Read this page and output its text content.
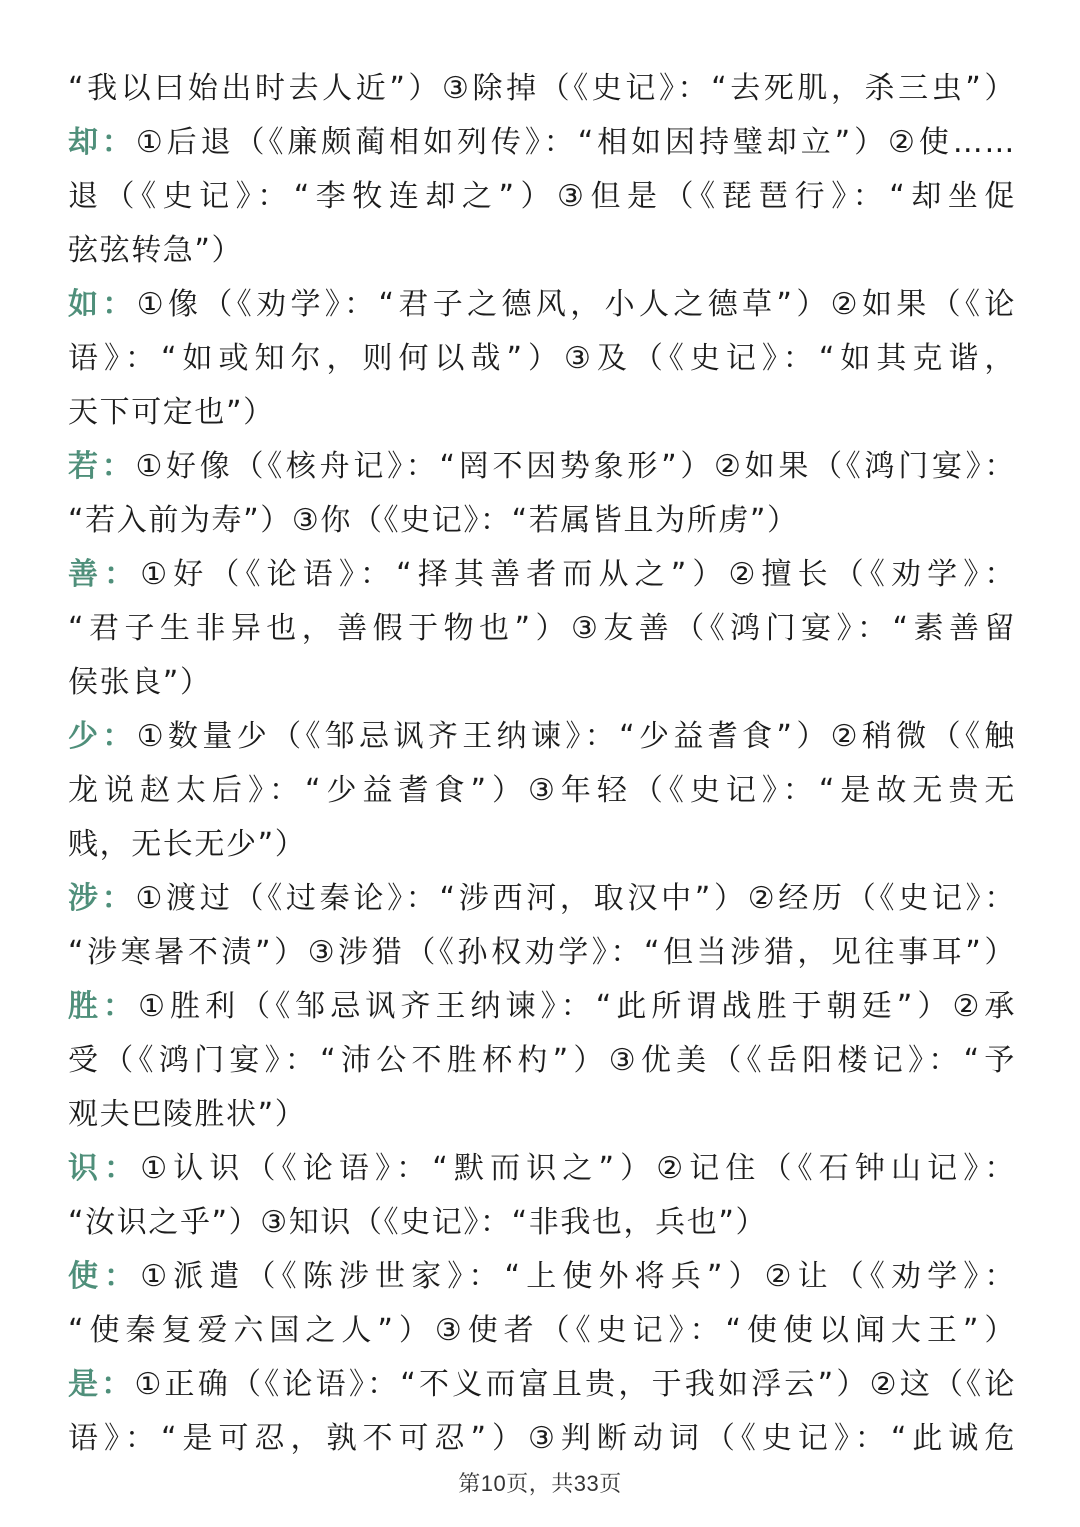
“我以曰始出时去人近”）③除掉（《史记》：“去死肌，杀三虫”）
却：①后退（《廉颇蔺相如列传》：“相如因持璧却立”）②使……
退（《史记》：“李牧连却之”）③但是（《琵琶行》：“却坐促
弦弦转急”）
如：①像（《劝学》：“君子之德风，小人之德草”）②如果（《论
语》：“如或知尔，则何以哉”）③及（《史记》：“如其克谐，
天下可定也”）
若：①好像（《核舟记》：“罔不因势象形”）②如果（《鸿门宴》：
“若入前为寿”）③你（《史记》：“若属皆且为所虏”）
善：①好（《论语》：“择其善者而从之”）②擅长（《劝学》：
“君子生非异也，善假于物也”）③友善（《鸿门宴》：“素善留
侯张良”）
少：①数量少（《邹忌讽齐王纳谏》：“少益耆食”）②稍微（《触
龙说赵太后》：“少益耆食”）③年轻（《史记》：“是故无贵无
贱，无长无少”）
涉：①渡过（《过秦论》：“涉西河，取汉中”）②经历（《史记》：
“涉寒暑不渍”）③涉猎（《孙权劝学》：“但当涉猎，见往事耳”）
胜：①胜利（《邹忌讽齐王纳谏》：“此所谓战胜于朝廷”）②承
受（《鸿门宴》：“沛公不胜杯杓”）③优美（《岳阳楼记》：“予
观夫巴陵胜状”）
识：①认识（《论语》：“默而识之”）②记住（《石钟山记》：
“汝识之乎”）③知识（《史记》：“非我也，兵也”）
使：①派遣（《陈涉世家》：“上使外将兵”）②让（《劝学》：
“使秦复爱六国之人”）③使者（《史记》：“使使以闻大王”）
是：①正确（《论语》：“不义而富且贵，于我如浮云”）②这（《论
语》：“是可忍，孰不可忍”）③判断动词（《史记》：“此诚危
第10页，共33页
